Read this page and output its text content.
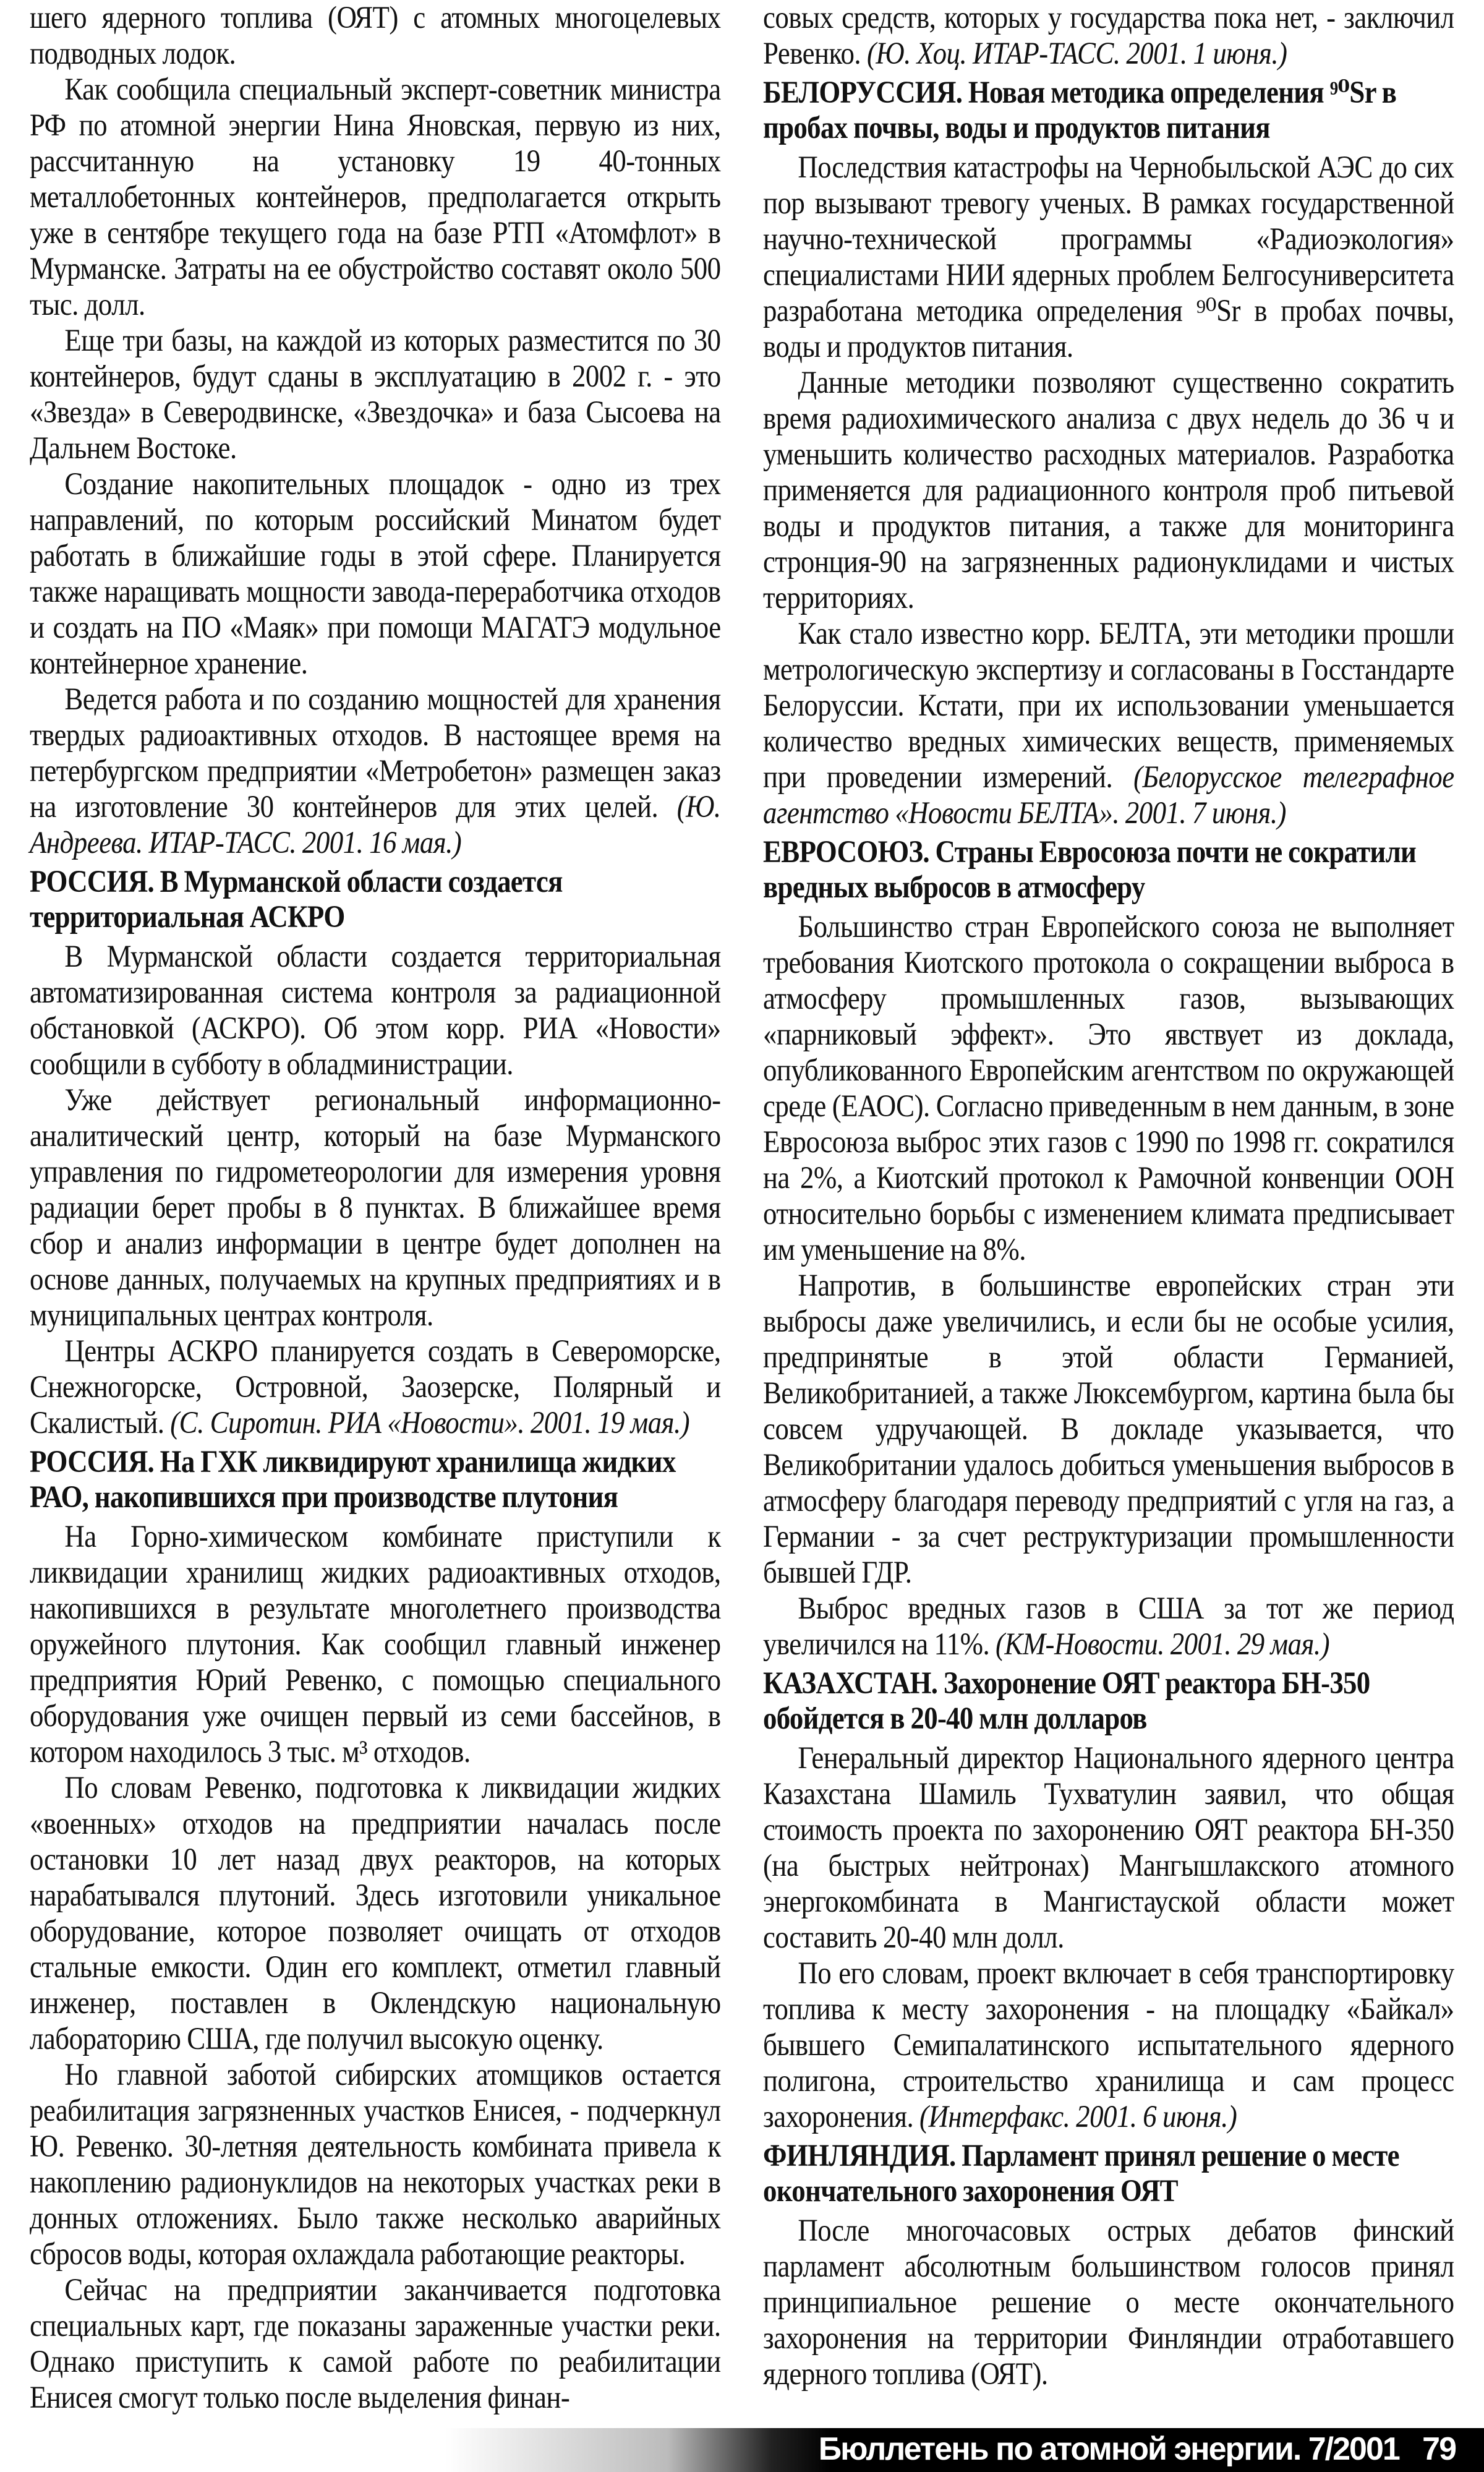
шего ядерного топлива (ОЯТ) с атомных многоцелевых подводных лодок.

Как сообщила специальный эксперт-советник министра РФ по атомной энергии Нина Яновская, первую из них, рассчитанную на установку 19 40-тонных металлобетонных контейнеров, предполагается открыть уже в сентябре текущего года на базе РТП «Атомфлот» в Мурманске. Затраты на ее обустройство составят около 500 тыс. долл.

Еще три базы, на каждой из которых разместится по 30 контейнеров, будут сданы в эксплуатацию в 2002 г. - это «Звезда» в Северодвинске, «Звездочка» и база Сысоева на Дальнем Востоке.

Создание накопительных площадок - одно из трех направлений, по которым российский Минатом будет работать в ближайшие годы в этой сфере. Планируется также наращивать мощности завода-переработчика отходов и создать на ПО «Маяк» при помощи МАГАТЭ модульное контейнерное хранение.

Ведется работа и по созданию мощностей для хранения твердых радиоактивных отходов. В настоящее время на петербургском предприятии «Метробетон» размещен заказ на изготовление 30 контейнеров для этих целей. (Ю. Андреева. ИТАР-ТАСС. 2001. 16 мая.)

РОССИЯ. В Мурманской области создается территориальная АСКРО

В Мурманской области создается территориальная автоматизированная система контроля за радиационной обстановкой (АСКРО). Об этом корр. РИА «Новости» сообщили в субботу в обладминистрации.

Уже действует региональный информационно-аналитический центр, который на базе Мурманского управления по гидрометеорологии для измерения уровня радиации берет пробы в 8 пунктах. В ближайшее время сбор и анализ информации в центре будет дополнен на основе данных, получаемых на крупных предприятиях и в муниципальных центрах контроля.

Центры АСКРО планируется создать в Североморске, Снежногорске, Островной, Заозерске, Полярный и Скалистый. (С. Сиротин. РИА «Новости». 2001. 19 мая.)

РОССИЯ. На ГХК ликвидируют хранилища жидких РАО, накопившихся при производстве плутония

На Горно-химическом комбинате приступили к ликвидации хранилищ жидких радиоактивных отходов, накопившихся в результате многолетнего производства оружейного плутония. Как сообщил главный инженер предприятия Юрий Ревенко, с помощью специального оборудования уже очищен первый из семи бассейнов, в котором находилось 3 тыс. м³ отходов.

По словам Ревенко, подготовка к ликвидации жидких «военных» отходов на предприятии началась после остановки 10 лет назад двух реакторов, на которых нарабатывался плутоний. Здесь изготовили уникальное оборудование, которое позволяет очищать от отходов стальные емкости. Один его комплект, отметил главный инженер, поставлен в Оклендскую национальную лабораторию США, где получил высокую оценку.

Но главной заботой сибирских атомщиков остается реабилитация загрязненных участков Енисея, - подчеркнул Ю. Ревенко. 30-летняя деятельность комбината привела к накоплению радионуклидов на некоторых участках реки в донных отложениях. Было также несколько аварийных сбросов воды, которая охлаждала работающие реакторы.

Сейчас на предприятии заканчивается подготовка специальных карт, где показаны зараженные участки реки. Однако приступить к самой работе по реабилитации Енисея смогут только после выделения финан-

совых средств, которых у государства пока нет, - заключил Ревенко. (Ю. Хоц. ИТАР-ТАСС. 2001. 1 июня.)

БЕЛОРУССИЯ. Новая методика определения ⁹⁰Sr в пробах почвы, воды и продуктов питания

Последствия катастрофы на Чернобыльской АЭС до сих пор вызывают тревогу ученых. В рамках государственной научно-технической программы «Радиоэкология» специалистами НИИ ядерных проблем Белгосуниверситета разработана методика определения ⁹⁰Sr в пробах почвы, воды и продуктов питания.

Данные методики позволяют существенно сократить время радиохимического анализа с двух недель до 36 ч и уменьшить количество расходных материалов. Разработка применяется для радиационного контроля проб питьевой воды и продуктов питания, а также для мониторинга стронция-90 на загрязненных радионуклидами и чистых территориях.

Как стало известно корр. БЕЛТА, эти методики прошли метрологическую экспертизу и согласованы в Госстандарте Белоруссии. Кстати, при их использовании уменьшается количество вредных химических веществ, применяемых при проведении измерений. (Белорусское телеграфное агентство «Новости БЕЛТА». 2001. 7 июня.)

ЕВРОСОЮЗ. Страны Евросоюза почти не сократили вредных выбросов в атмосферу

Большинство стран Европейского союза не выполняет требования Киотского протокола о сокращении выброса в атмосферу промышленных газов, вызывающих «парниковый эффект». Это явствует из доклада, опубликованного Европейским агентством по окружающей среде (ЕАОС). Согласно приведенным в нем данным, в зоне Евросоюза выброс этих газов с 1990 по 1998 гг. сократился на 2%, а Киотский протокол к Рамочной конвенции ООН относительно борьбы с изменением климата предписывает им уменьшение на 8%.

Напротив, в большинстве европейских стран эти выбросы даже увеличились, и если бы не особые усилия, предпринятые в этой области Германией, Великобританией, а также Люксембургом, картина была бы совсем удручающей. В докладе указывается, что Великобритании удалось добиться уменьшения выбросов в атмосферу благодаря переводу предприятий с угля на газ, а Германии - за счет реструктуризации промышленности бывшей ГДР.

Выброс вредных газов в США за тот же период увеличился на 11%. (КМ-Новости. 2001. 29 мая.)

КАЗАХСТАН. Захоронение ОЯТ реактора БН-350 обойдется в 20-40 млн долларов

Генеральный директор Национального ядерного центра Казахстана Шамиль Тухватулин заявил, что общая стоимость проекта по захоронению ОЯТ реактора БН-350 (на быстрых нейтронах) Мангышлакского атомного энергокомбината в Мангистауской области может составить 20-40 млн долл.

По его словам, проект включает в себя транспортировку топлива к месту захоронения - на площадку «Байкал» бывшего Семипалатинского испытательного ядерного полигона, строительство хранилища и сам процесс захоронения. (Интерфакс. 2001. 6 июня.)

ФИНЛЯНДИЯ. Парламент принял решение о месте окончательного захоронения ОЯТ

После многочасовых острых дебатов финский парламент абсолютным большинством голосов принял принципиальное решение о месте окончательного захоронения на территории Финляндии отработавшего ядерного топлива (ОЯТ).

Бюллетень по атомной энергии. 7/2001 79
